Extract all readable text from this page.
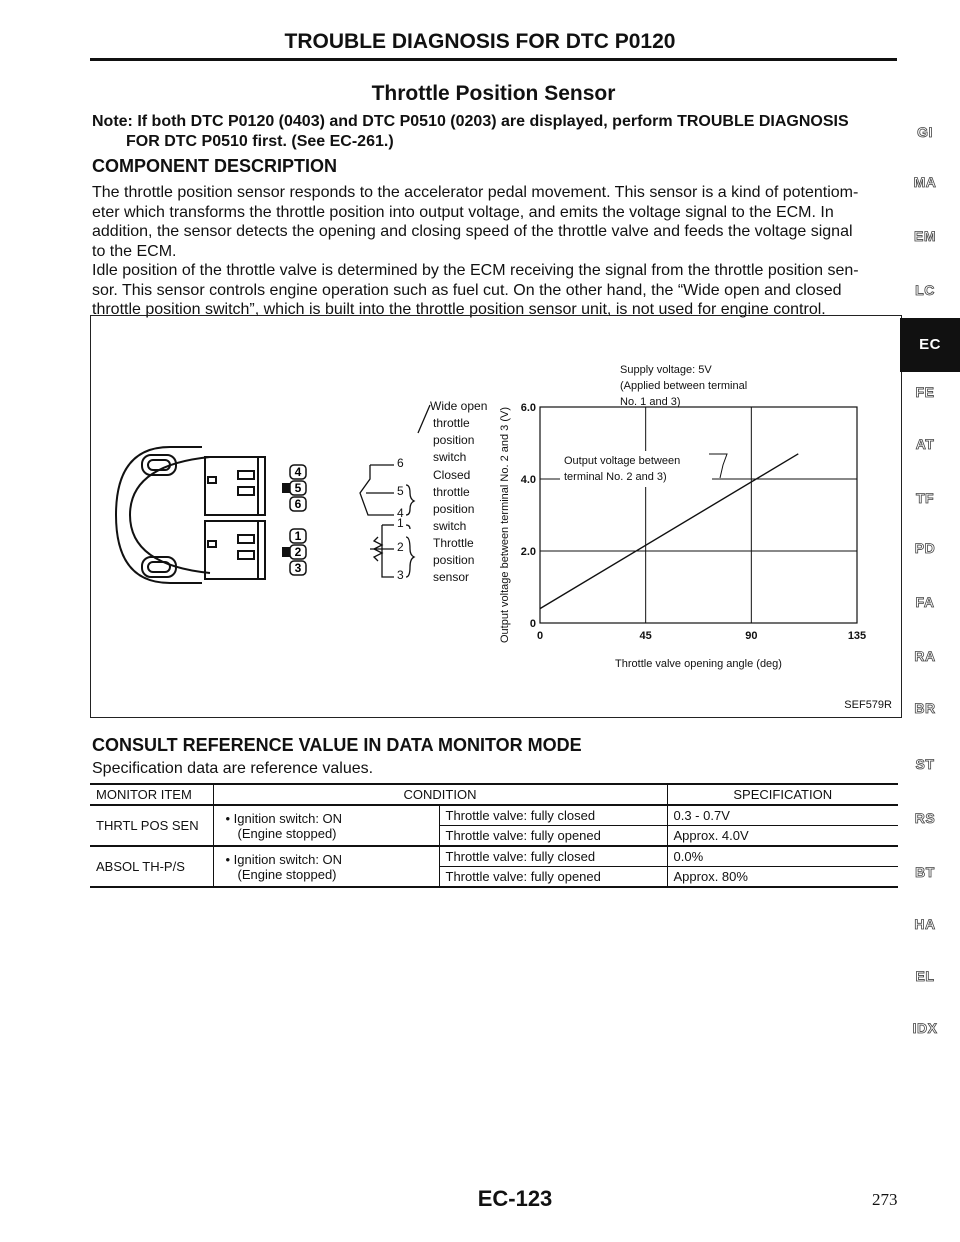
TROUBLE DIAGNOSIS FOR DTC P0120
Throttle Position Sensor
Note: If both DTC P0120 (0403) and DTC P0510 (0203) are displayed, perform TROUBLE DIAGNOSIS
FOR DTC P0510 first. (See EC-261.)
COMPONENT DESCRIPTION
The throttle position sensor responds to the accelerator pedal movement. This sensor is a kind of potentiom-
eter which transforms the throttle position into output voltage, and emits the voltage signal to the ECM. In
addition, the sensor detects the opening and closing speed of the throttle valve and feeds the voltage signal
to the ECM.
Idle position of the throttle valve is determined by the ECM receiving the signal from the throttle position sen-
sor. This sensor controls engine operation such as fuel cut. On the other hand, the “Wide open and closed
throttle position switch”, which is built into the throttle position sensor unit, is not used for engine control.
4
5
6
1
2
3
6
5
4
1
2
3
Wide open
throttle
position
switch
Closed
throttle
position
switch
Throttle
position
sensor
0
2.0
4.0
6.0
0	45	90	135
Throttle valve opening angle (deg)
Output voltage between terminal No. 2 and 3 (V)
Supply voltage: 5V
(Applied between terminal
No. 1 and 3)
Output voltage between
terminal No. 2 and 3)
SEF579R
CONSULT REFERENCE VALUE IN DATA MONITOR MODE
Specification data are reference values.
MONITOR ITEM	CONDITION		SPECIFICATION
THRTL POS SEN	• Ignition switch: ON
(Engine stopped)	Throttle valve: fully closed	0.3 - 0.7V
		Throttle valve: fully opened	Approx. 4.0V
ABSOL TH-P/S	• Ignition switch: ON
(Engine stopped)	Throttle valve: fully closed	0.0%
		Throttle valve: fully opened	Approx. 80%
GI
MA
EM
LC
EC
FE
AT
TF
PD
FA
RA
BR
ST
RS
BT
HA
EL
IDX
EC-123	273
